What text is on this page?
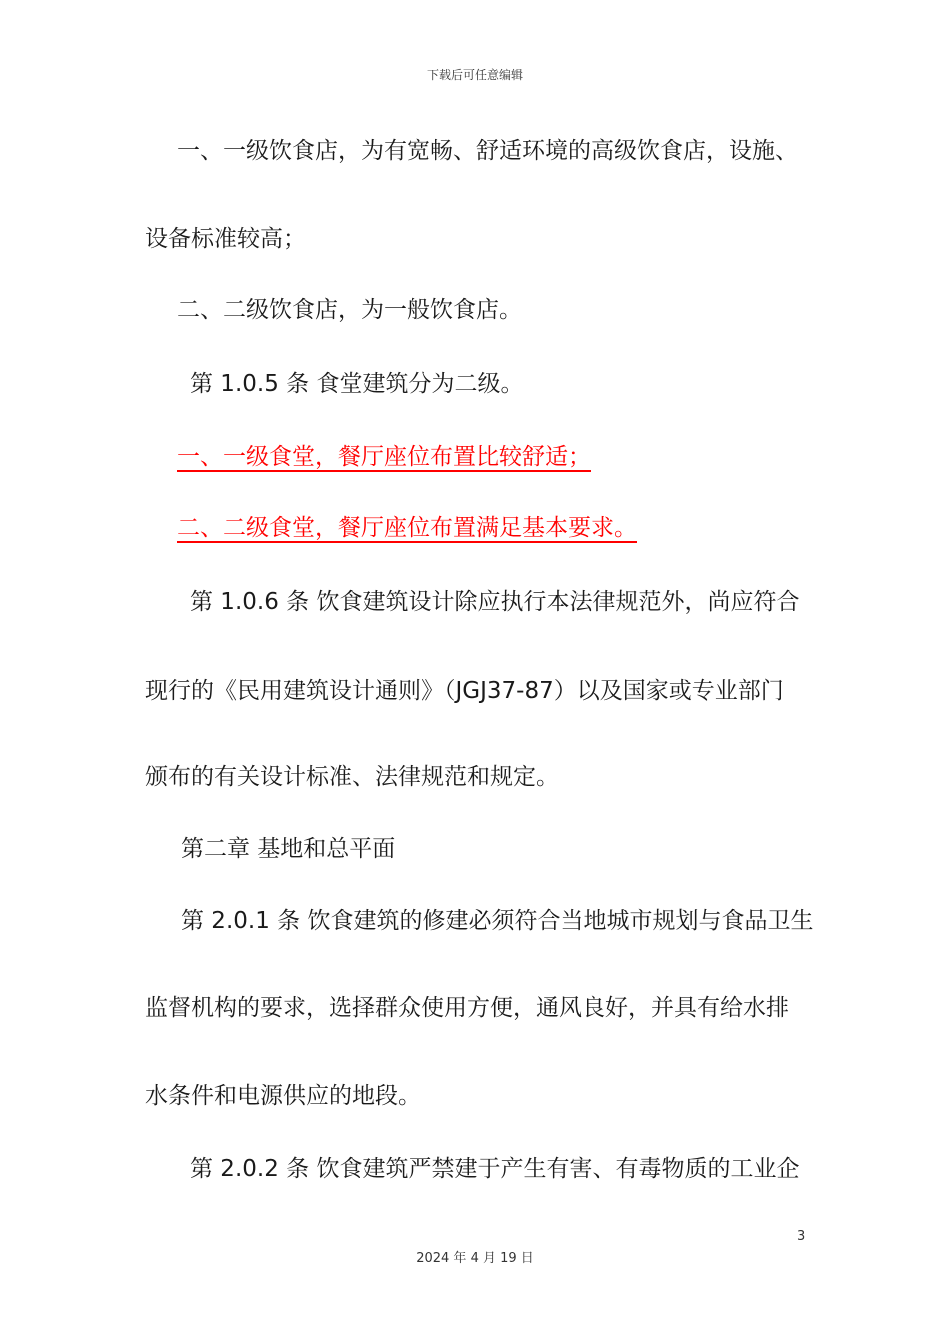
下载后可任意编辑
一、一级饮食店，为有宽畅、舒适环境的高级饮食店，设施、
设备标准较高；
二、二级饮食店，为一般饮食店。
第 1.0.5 条 食堂建筑分为二级。
一、一级食堂，餐厅座位布置比较舒适；
二、二级食堂，餐厅座位布置满足基本要求。
第 1.0.6 条 饮食建筑设计除应执行本法律规范外，尚应符合
现行的《民用建筑设计通则》（JGJ37-87）以及国家或专业部门
颁布的有关设计标准、法律规范和规定。
第二章 基地和总平面
第 2.0.1 条 饮食建筑的修建必须符合当地城市规划与食品卫生
监督机构的要求，选择群众使用方便，通风良好，并具有给水排
水条件和电源供应的地段。
第 2.0.2 条 饮食建筑严禁建于产生有害、有毒物质的工业企
3
2024 年 4 月 19 日
